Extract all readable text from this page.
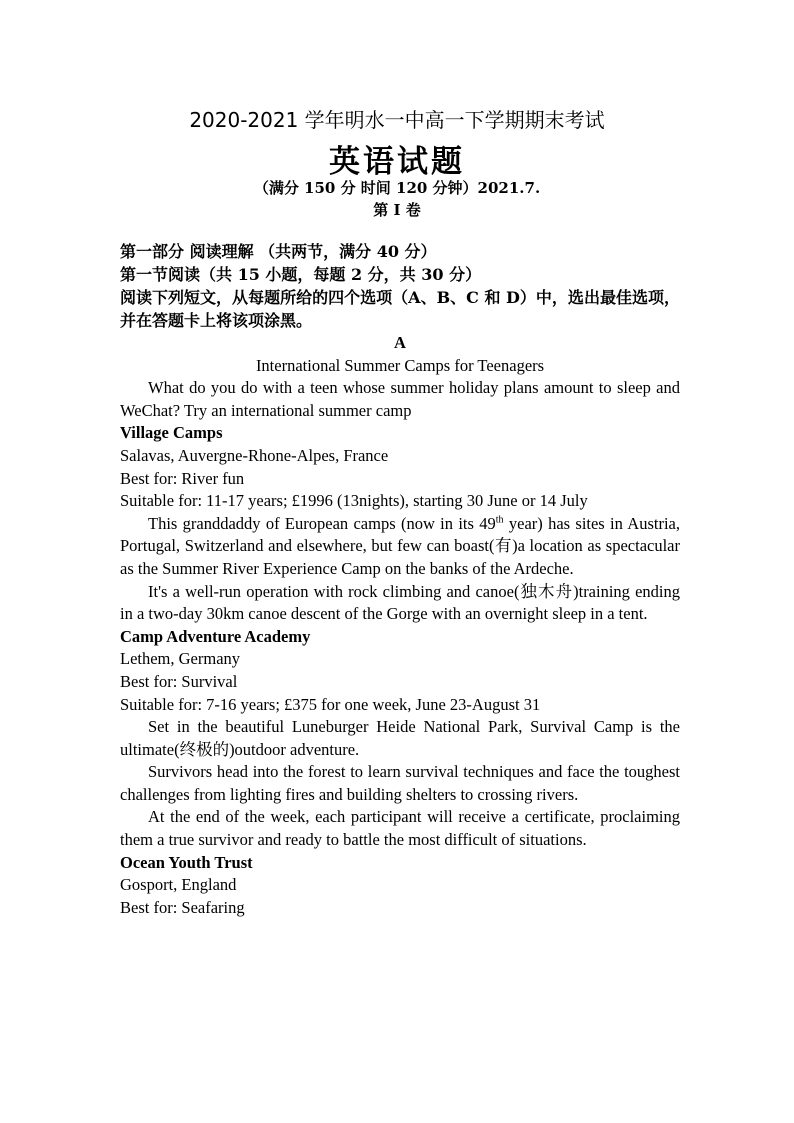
2020-2021 学年明水一中高一下学期期末考试
英语试题
（满分 150 分 时间 120 分钟）2021.7.
第 I 卷

第一部分 阅读理解 （共两节，满分 40 分）

第一节阅读（共 15 小题，每题 2 分，共 30 分）

阅读下列短文，从每题所给的四个选项（A、B、C 和 D）中，选出最佳选项，并在答题卡上将该项涂黑。

A

International Summer Camps for Teenagers

What do you do with a teen whose summer holiday plans amount to sleep and WeChat? Try an international summer camp

Village Camps

Salavas, Auvergne-Rhone-Alpes, France

Best for: River fun

Suitable for: 11-17 years; £1996 (13nights), starting 30 June or 14 July

This granddaddy of European camps (now in its 49th year) has sites in Austria, Portugal, Switzerland and elsewhere, but few can boast(有)a location as spectacular as the Summer River Experience Camp on the banks of the Ardeche.

It's a well-run operation with rock climbing and canoe(独木舟)training ending in a two-day 30km canoe descent of the Gorge with an overnight sleep in a tent.

Camp Adventure Academy

Lethem, Germany

Best for: Survival

Suitable for: 7-16 years; £375 for one week, June 23-August 31

Set in the beautiful Luneburger Heide National Park, Survival Camp is the ultimate(终极的)outdoor adventure.

Survivors head into the forest to learn survival techniques and face the toughest challenges from lighting fires and building shelters to crossing rivers.

At the end of the week, each participant will receive a certificate, proclaiming them a true survivor and ready to battle the most difficult of situations.

Ocean Youth Trust

Gosport, England

Best for: Seafaring
